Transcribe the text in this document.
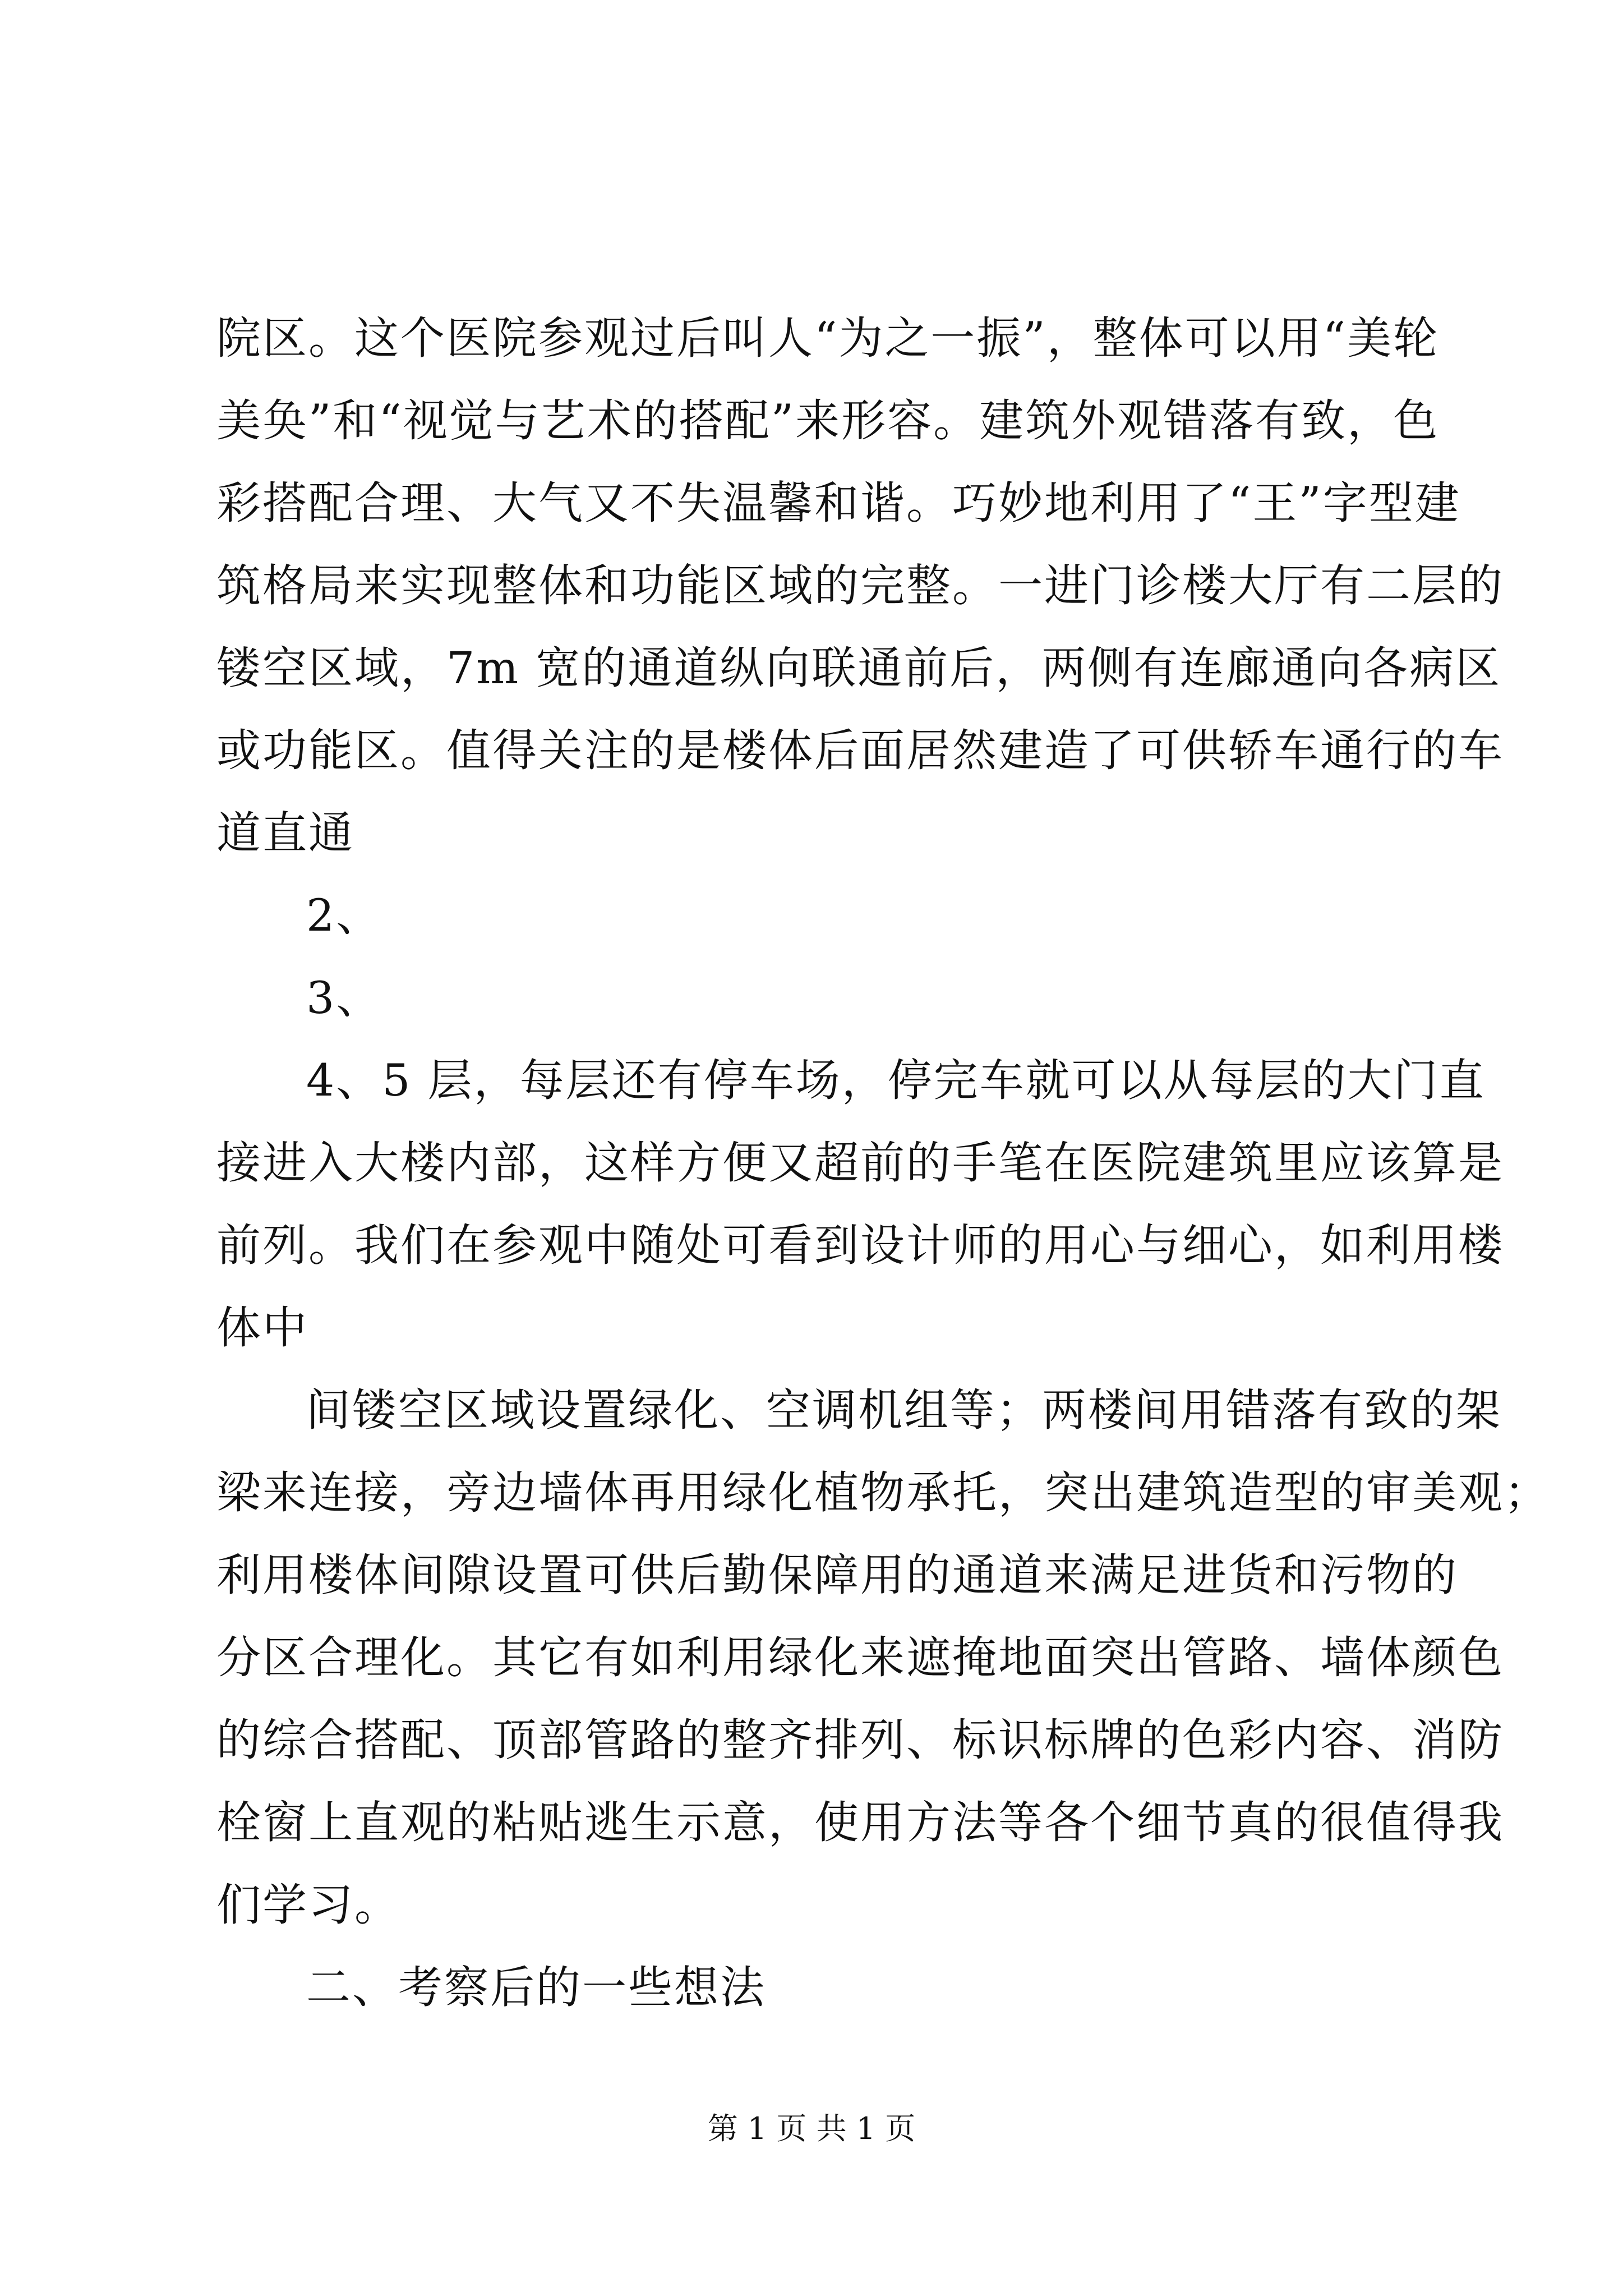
院区。这个医院参观过后叫人“为之一振”，整体可以用“美轮
美奂”和“视觉与艺术的搭配”来形容。建筑外观错落有致，色
彩搭配合理、大气又不失温馨和谐。巧妙地利用了“王”字型建
筑格局来实现整体和功能区域的完整。一进门诊楼大厅有二层的
镂空区域，7m 宽的通道纵向联通前后，两侧有连廊通向各病区
或功能区。值得关注的是楼体后面居然建造了可供轿车通行的车
道直通
2、
3、
4、5 层，每层还有停车场，停完车就可以从每层的大门直
接进入大楼内部，这样方便又超前的手笔在医院建筑里应该算是
前列。我们在参观中随处可看到设计师的用心与细心，如利用楼
体中
间镂空区域设置绿化、空调机组等；两楼间用错落有致的架
梁来连接，旁边墙体再用绿化植物承托，突出建筑造型的审美观；
利用楼体间隙设置可供后勤保障用的通道来满足进货和污物的
分区合理化。其它有如利用绿化来遮掩地面突出管路、墙体颜色
的综合搭配、顶部管路的整齐排列、标识标牌的色彩内容、消防
栓窗上直观的粘贴逃生示意，使用方法等各个细节真的很值得我
们学习。
二、考察后的一些想法
第 1 页 共 1 页
